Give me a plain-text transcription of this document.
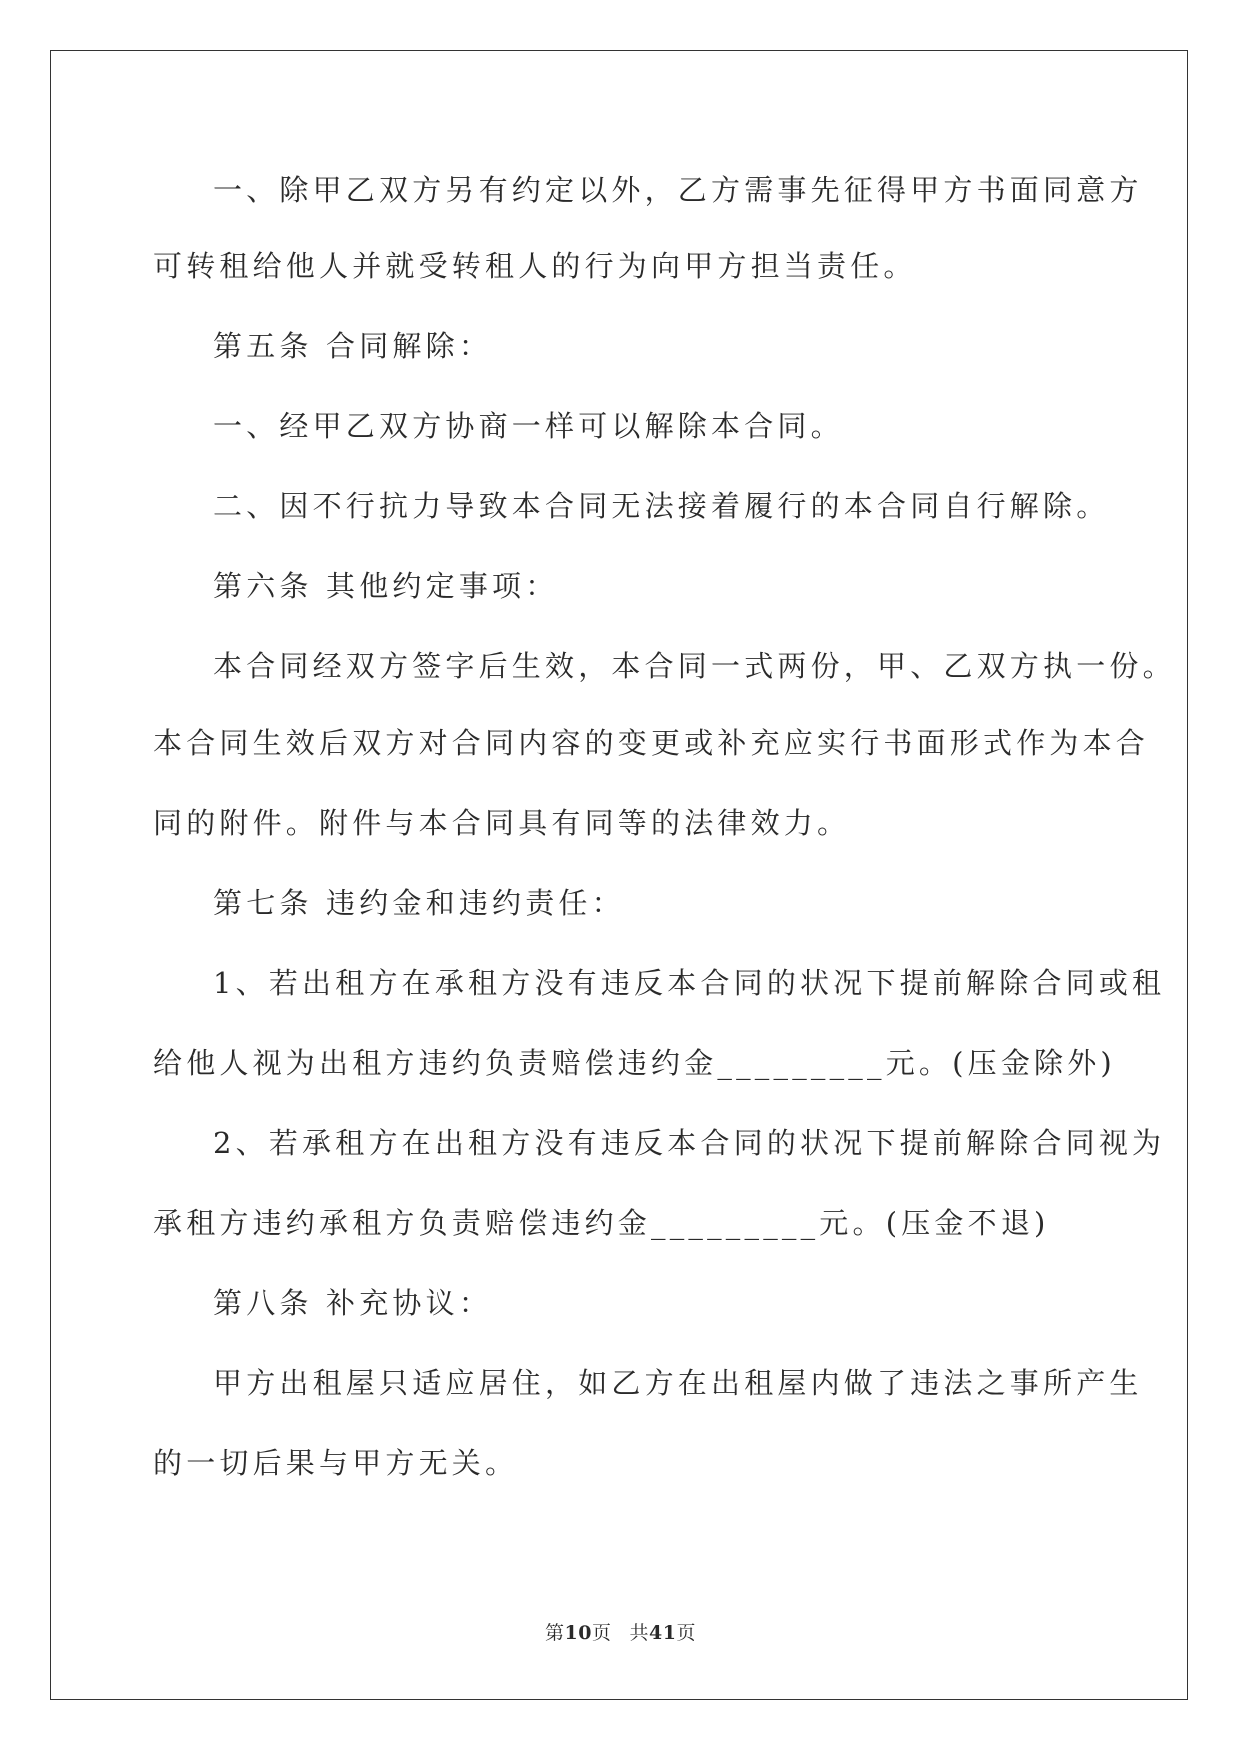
一、除甲乙双方另有约定以外，乙方需事先征得甲方书面同意方
可转租给他人并就受转租人的行为向甲方担当责任。
第五条 合同解除：
一、经甲乙双方协商一样可以解除本合同。
二、因不行抗力导致本合同无法接着履行的本合同自行解除。
第六条 其他约定事项：
本合同经双方签字后生效，本合同一式两份，甲、乙双方执一份。
本合同生效后双方对合同内容的变更或补充应实行书面形式作为本合
同的附件。附件与本合同具有同等的法律效力。
第七条 违约金和违约责任：
1、若出租方在承租方没有违反本合同的状况下提前解除合同或租
给他人视为出租方违约负责赔偿违约金_________元。(压金除外)
2、若承租方在出租方没有违反本合同的状况下提前解除合同视为
承租方违约承租方负责赔偿违约金_________元。(压金不退)
第八条 补充协议：
甲方出租屋只适应居住，如乙方在出租屋内做了违法之事所产生
的一切后果与甲方无关。
第10页 共41页
